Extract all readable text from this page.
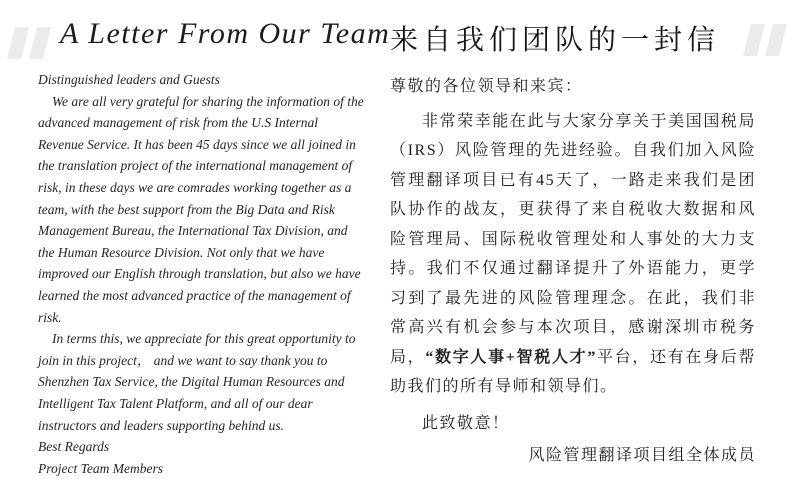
A Letter From Our Team 来自我们团队的一封信

Distinguished leaders and Guests

We are all very grateful for sharing the information of the advanced management of risk from the U.S Internal Revenue Service. It has been 45 days since we all joined in the translation project of the international management of risk, in these days we are comrades working together as a team, with the best support from the Big Data and Risk Management Bureau, the International Tax Division, and the Human Resource Division. Not only that we have improved our English through translation, but also we have learned the most advanced practice of the management of risk.

In terms this, we appreciate for this great opportunity to join in this project， and we want to say thank you to Shenzhen Tax Service, the Digital Human Resources and Intelligent Tax Talent Platform, and all of our dear instructors and leaders supporting behind us.

Best Regards

Project Team Members

尊敬的各位领导和来宾：

非常荣幸能在此与大家分享关于美国国税局（IRS）风险管理的先进经验。自我们加入风险管理翻译项目已有45天了，一路走来我们是团队协作的战友，更获得了来自税收大数据和风险管理局、国际税收管理处和人事处的大力支持。我们不仅通过翻译提升了外语能力，更学习到了最先进的风险管理理念。在此，我们非常高兴有机会参与本次项目，感谢深圳市税务局，“数字人事+智税人才”平台，还有在身后帮助我们的所有导师和领导们。

此致敬意！

风险管理翻译项目组全体成员
